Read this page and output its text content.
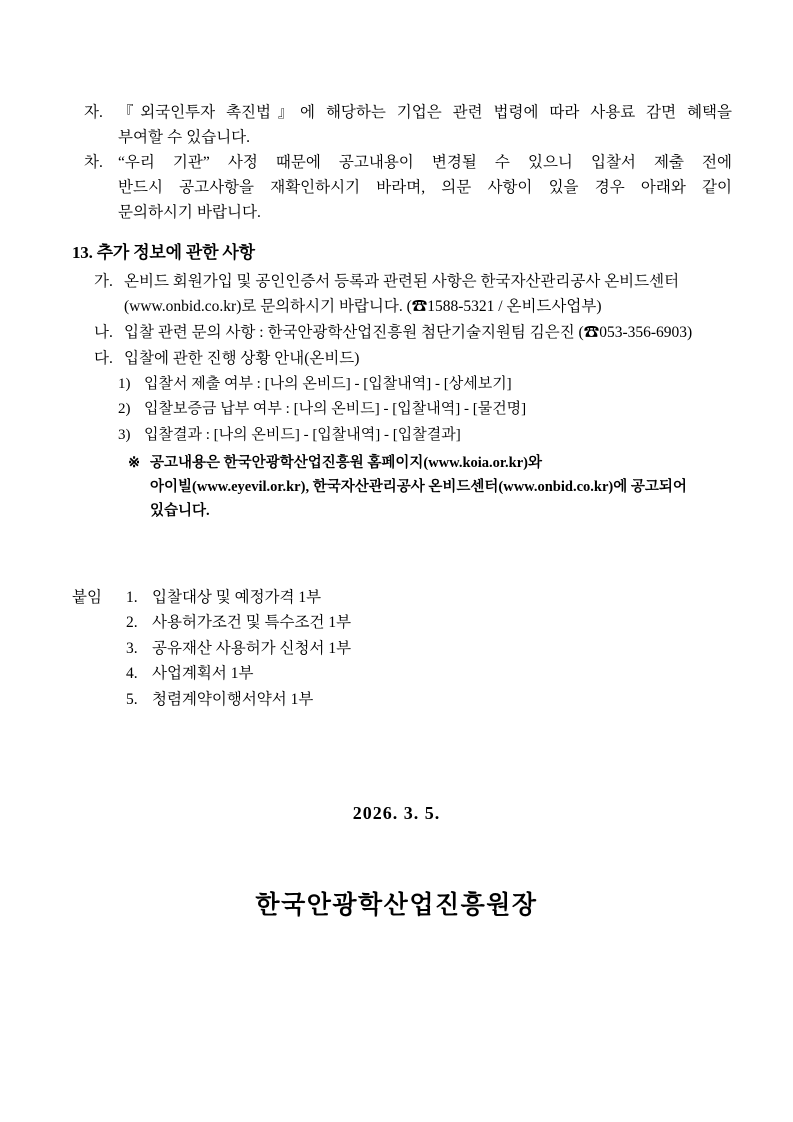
자. 『외국인투자 촉진법』에 해당하는 기업은 관련 법령에 따라 사용료 감면 혜택을
부여할 수 있습니다.
차. “우리 기관” 사정 때문에 공고내용이 변경될 수 있으니 입찰서 제출 전에
반드시 공고사항을 재확인하시기 바라며, 의문 사항이 있을 경우 아래와 같이
문의하시기 바랍니다.
13. 추가 정보에 관한 사항
가. 온비드 회원가입 및 공인인증서 등록과 관련된 사항은 한국자산관리공사 온비드센터
(www.onbid.co.kr)로 문의하시기 바랍니다. (☎1588-5321 / 온비드사업부)
나. 입찰 관련 문의 사항 : 한국안광학산업진흥원 첨단기술지원팀 김은진 (☎053-356-6903)
다. 입찰에 관한 진행 상황 안내(온비드)
1) 입찰서 제출 여부 : [나의 온비드] - [입찰내역] - [상세보기]
2) 입찰보증금 납부 여부 : [나의 온비드] - [입찰내역] - [물건명]
3) 입찰결과 : [나의 온비드] - [입찰내역] - [입찰결과]
※ 공고내용은 한국안광학산업진흥원 홈페이지(www.koia.or.kr)와
아이빌(www.eyevil.or.kr), 한국자산관리공사 온비드센터(www.onbid.co.kr)에 공고되어
있습니다.
붙임	1. 입찰대상 및 예정가격 1부
2. 사용허가조건 및 특수조건 1부
3. 공유재산 사용허가 신청서 1부
4. 사업계획서 1부
5. 청렴계약이행서약서 1부
2026. 3. 5.
한국안광학산업진흥원장
